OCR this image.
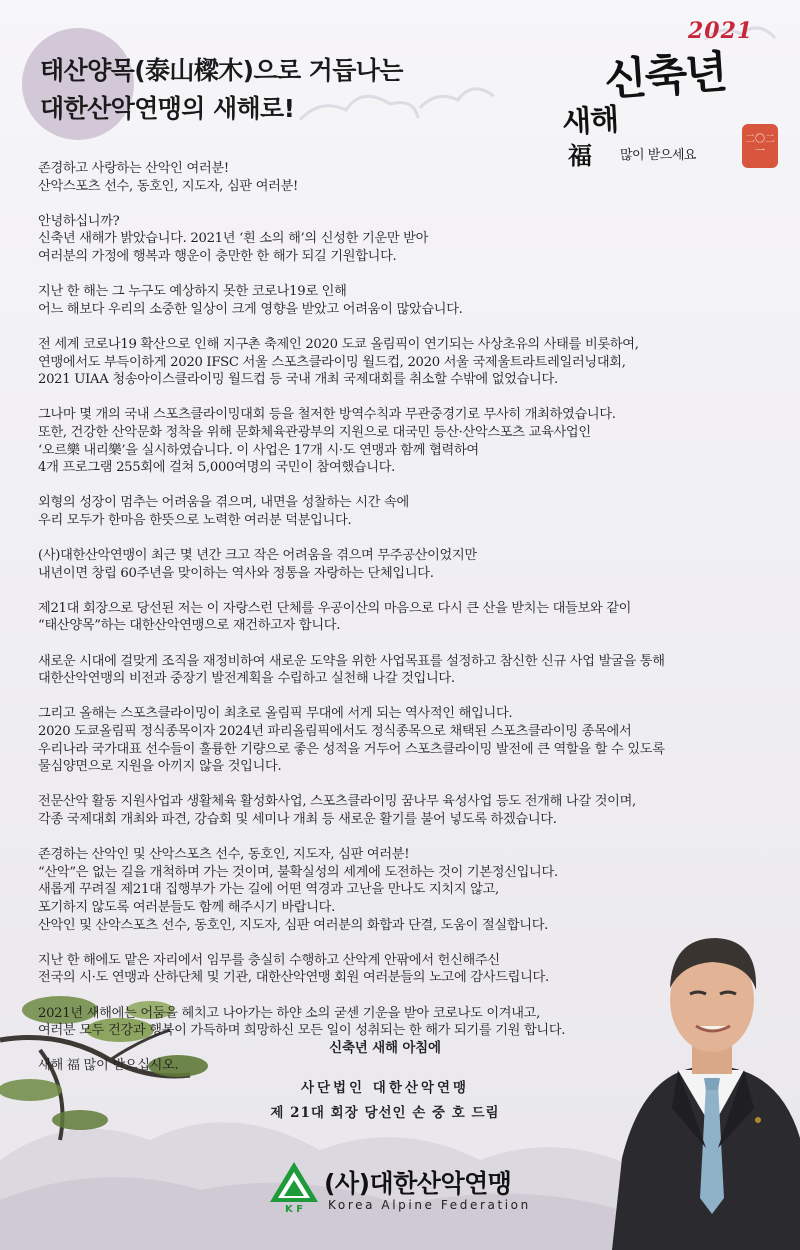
태산양목(泰山樑木)으로 거듭나는
대한산악연맹의 새해로!
2021
신축년
새해
福 많이 받으세요
二〇二一
존경하고 사랑하는 산악인 여러분!
산악스포츠 선수, 동호인, 지도자, 심판 여러분!
안녕하십니까?
신축년 새해가 밝았습니다. 2021년 ‘흰 소의 해’의 신성한 기운만 받아
여러분의 가정에 행복과 행운이 충만한 한 해가 되길 기원합니다.
지난 한 해는 그 누구도 예상하지 못한 코로나19로 인해
어느 해보다 우리의 소중한 일상이 크게 영향을 받았고 어려움이 많았습니다.
전 세계 코로나19 확산으로 인해 지구촌 축제인 2020 도쿄 올림픽이 연기되는 사상초유의 사태를 비롯하여,
연맹에서도 부득이하게 2020 IFSC 서울 스포츠클라이밍 월드컵, 2020 서울 국제울트라트레일러닝대회,
2021 UIAA 청송아이스클라이밍 월드컵 등 국내 개최 국제대회를 취소할 수밖에 없었습니다.
그나마 몇 개의 국내 스포츠클라이밍대회 등을 철저한 방역수칙과 무관중경기로 무사히 개최하였습니다.
또한, 건강한 산악문화 정착을 위해 문화체육관광부의 지원으로 대국민 등산·산악스포츠 교육사업인
‘오르樂 내리樂’을 실시하였습니다. 이 사업은 17개 시·도 연맹과 함께 협력하여
4개 프로그램 255회에 걸쳐 5,000여명의 국민이 참여했습니다.
외형의 성장이 멈추는 어려움을 겪으며, 내면을 성찰하는 시간 속에
우리 모두가 한마음 한뜻으로 노력한 여러분 덕분입니다.
(사)대한산악연맹이 최근 몇 년간 크고 작은 어려움을 겪으며 무주공산이었지만
내년이면 창립 60주년을 맞이하는 역사와 정통을 자랑하는 단체입니다.
제21대 회장으로 당선된 저는 이 자랑스런 단체를 우공이산의 마음으로 다시 큰 산을 받치는 대들보와 같이
“태산양목”하는 대한산악연맹으로 재건하고자 합니다.
새로운 시대에 걸맞게 조직을 재정비하여 새로운 도약을 위한 사업목표를 설정하고 참신한 신규 사업 발굴을 통해
대한산악연맹의 비전과 중장기 발전계획을 수립하고 실천해 나갈 것입니다.
그리고 올해는 스포츠클라이밍이 최초로 올림픽 무대에 서게 되는 역사적인 해입니다.
2020 도쿄올림픽 정식종목이자 2024년 파리올림픽에서도 정식종목으로 채택된 스포츠클라이밍 종목에서
우리나라 국가대표 선수들이 훌륭한 기량으로 좋은 성적을 거두어 스포츠클라이밍 발전에 큰 역할을 할 수 있도록
물심양면으로 지원을 아끼지 않을 것입니다.
전문산악 활동 지원사업과 생활체육 활성화사업, 스포츠클라이밍 꿈나무 육성사업 등도 전개해 나갈 것이며,
각종 국제대회 개최와 파견, 강습회 및 세미나 개최 등 새로운 활기를 불어 넣도록 하겠습니다.
존경하는 산악인 및 산악스포츠 선수, 동호인, 지도자, 심판 여러분!
“산악”은 없는 길을 개척하며 가는 것이며, 불확실성의 세계에 도전하는 것이 기본정신입니다.
새롭게 꾸려질 제21대 집행부가 가는 길에 어떤 역경과 고난을 만나도 지치지 않고,
포기하지 않도록 여러분들도 함께 해주시기 바랍니다.
산악인 및 산악스포츠 선수, 동호인, 지도자, 심판 여러분의 화합과 단결, 도움이 절실합니다.
지난 한 해에도 맡은 자리에서 임무를 충실히 수행하고 산악계 안팎에서 헌신해주신
전국의 시·도 연맹과 산하단체 및 기관, 대한산악연맹 회원 여러분들의 노고에 감사드립니다.
2021년 새해에는 어둠을 헤치고 나아가는 하얀 소의 굳센 기운을 받아 코로나도 이겨내고,
여러분 모두 건강과 행복이 가득하며 희망하신 모든 일이 성취되는 한 해가 되기를 기원 합니다.
새해 福 많이 받으십시오.
신축년 새해 아침에
사단법인 대한산악연맹
제 21대 회장 당선인 손 중 호 드림
K F
(사)대한산악연맹
Korea Alpine Federation
